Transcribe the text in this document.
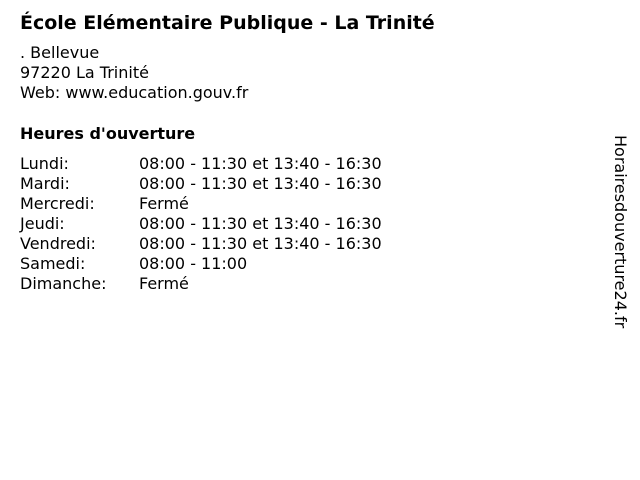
École Elémentaire Publique - La Trinité
. Bellevue
97220 La Trinité
Web: www.education.gouv.fr
Heures d'ouverture
Lundi:	08:00 - 11:30 et 13:40 - 16:30
Mardi:	08:00 - 11:30 et 13:40 - 16:30
Mercredi:	Fermé
Jeudi:	08:00 - 11:30 et 13:40 - 16:30
Vendredi:	08:00 - 11:30 et 13:40 - 16:30
Samedi:	08:00 - 11:00
Dimanche: Fermé	Horairesdouverture24.fr
